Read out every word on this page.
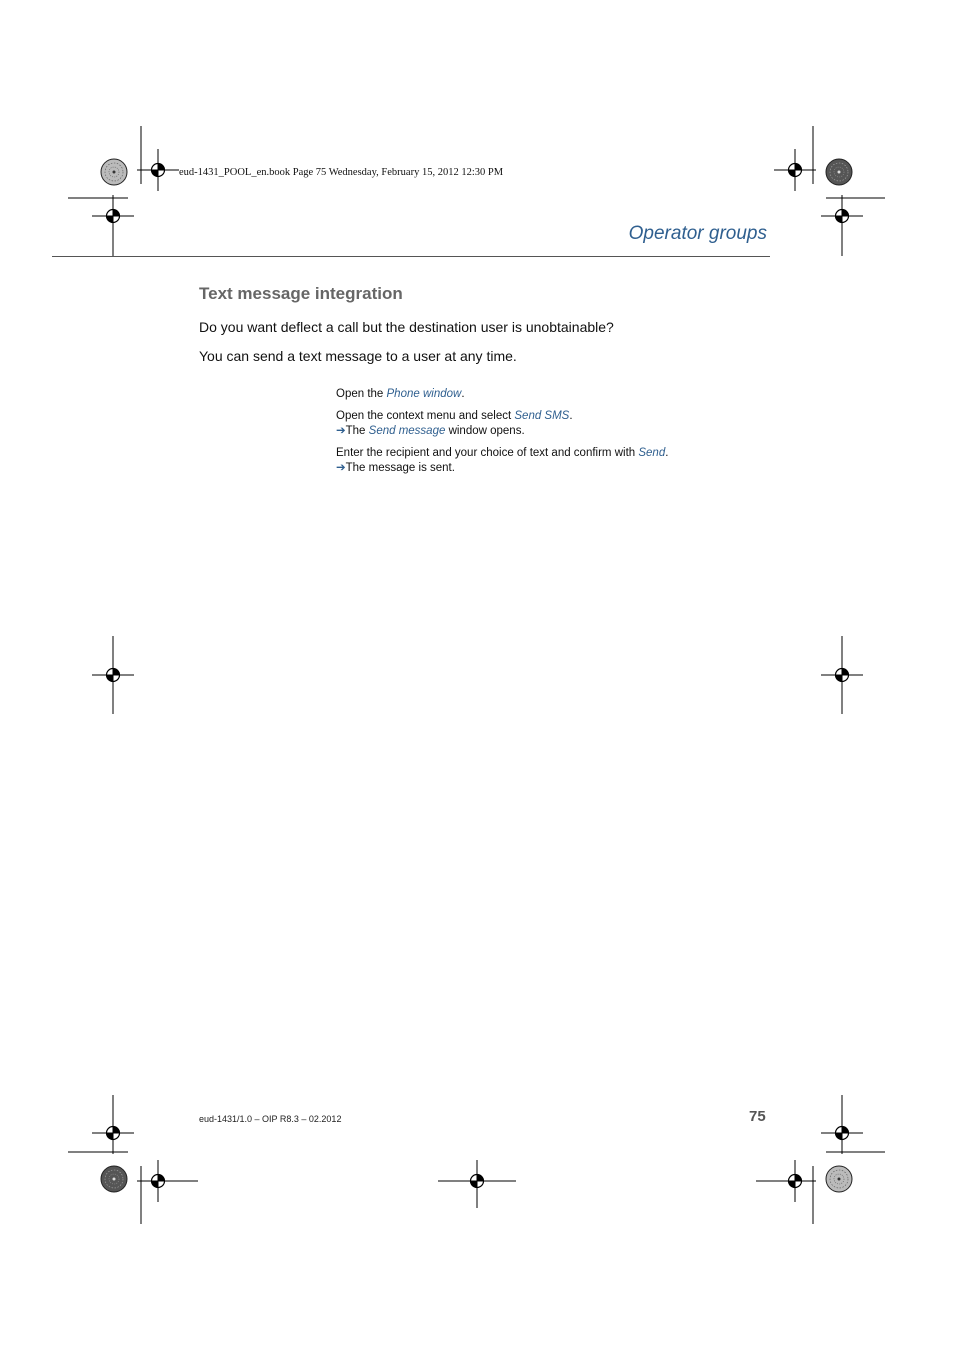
eud-1431_POOL_en.book Page 75 Wednesday, February 15, 2012 12:30 PM
Operator groups
Text message integration
Do you want deflect a call but the destination user is unobtainable?
You can send a text message to a user at any time.

Open the Phone window.

Open the context menu and select Send SMS.

➔The Send message window opens.

Enter the recipient and your choice of text and confirm with Send.

➔The message is sent.

eud-1431/1.0 – OIP R8.3 – 02.2012	75
